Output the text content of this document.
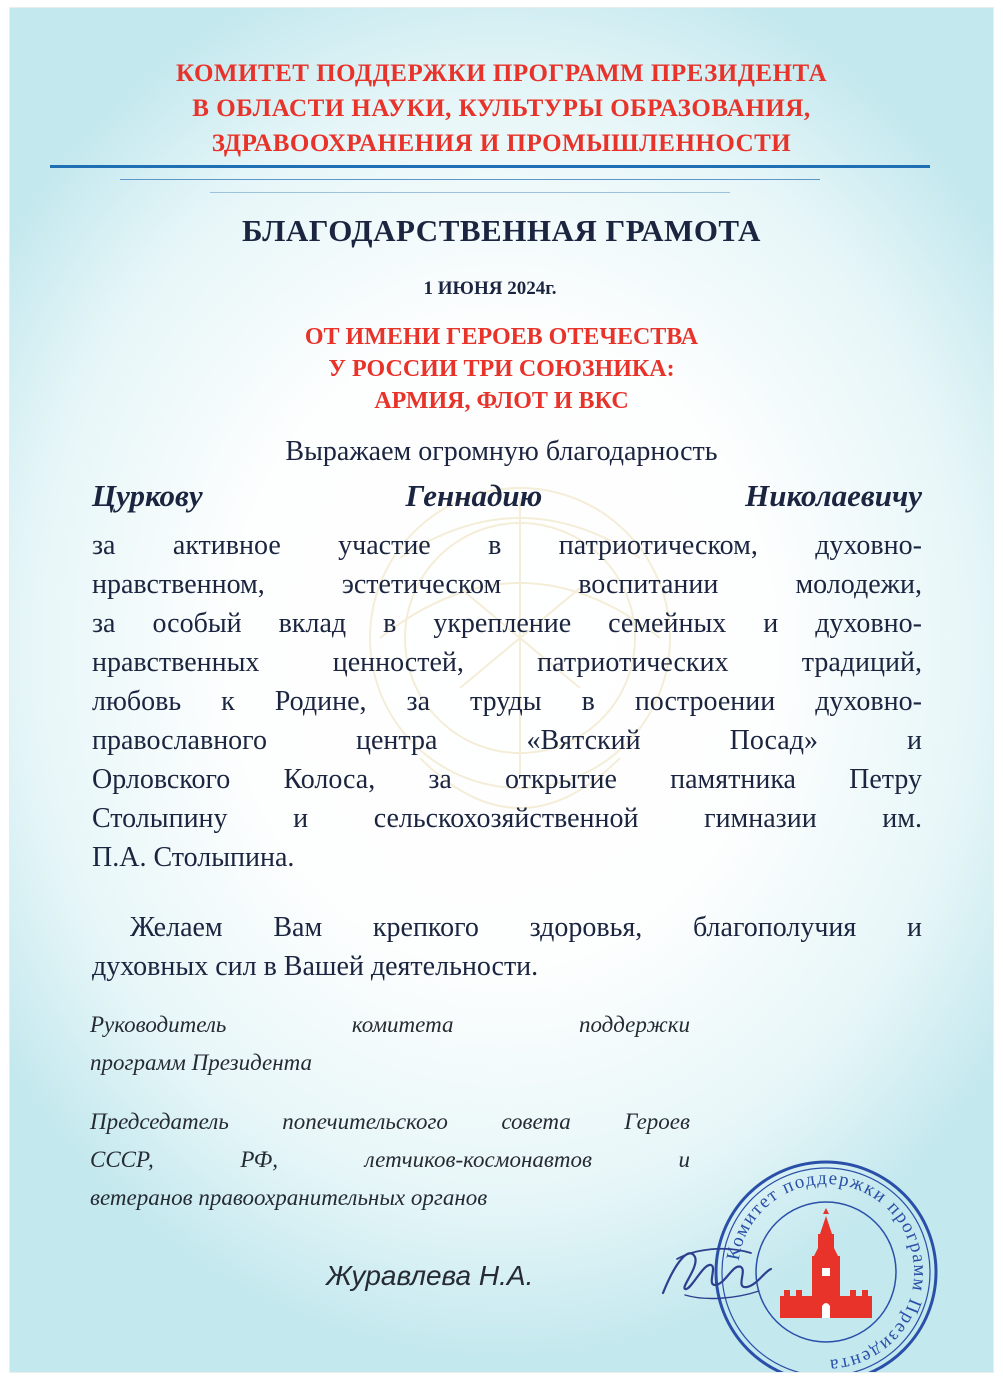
КОМИТЕТ ПОДДЕРЖКИ ПРОГРАММ ПРЕЗИДЕНТА
В ОБЛАСТИ НАУКИ, КУЛЬТУРЫ ОБРАЗОВАНИЯ,
ЗДРАВООХРАНЕНИЯ И ПРОМЫШЛЕННОСТИ
БЛАГОДАРСТВЕННАЯ ГРАМОТА
1 ИЮНЯ 2024г.
ОТ ИМЕНИ ГЕРОЕВ ОТЕЧЕСТВА
У РОССИИ ТРИ СОЮЗНИКА:
АРМИЯ, ФЛОТ И ВКС
Выражаем огромную благодарность
Цуркову	Геннадию	Николаевичу
за активное участие в патриотическом, духовно-
нравственном,	эстетическом	воспитании	молодежи,
за особый вклад в укрепление семейных и духовно-
нравственных	ценностей,	патриотических	традиций,
любовь к Родине, за труды в построении духовно-
православного	центра	«Вятский	Посад»	и
Орловского Колоса, за открытие памятника Петру
Столыпину и сельскохозяйственной гимназии им.
П.А. Столыпина.
Желаем Вам крепкого здоровья, благополучия и
духовных сил в Вашей деятельности.
Руководитель	комитета	поддержки
программ Президента
Председатель попечительского совета Героев
СССР,	РФ,	летчиков-космонавтов	и
ветеранов правоохранительных органов
Журавлева Н.А.
Комитет поддержки программ Президента
